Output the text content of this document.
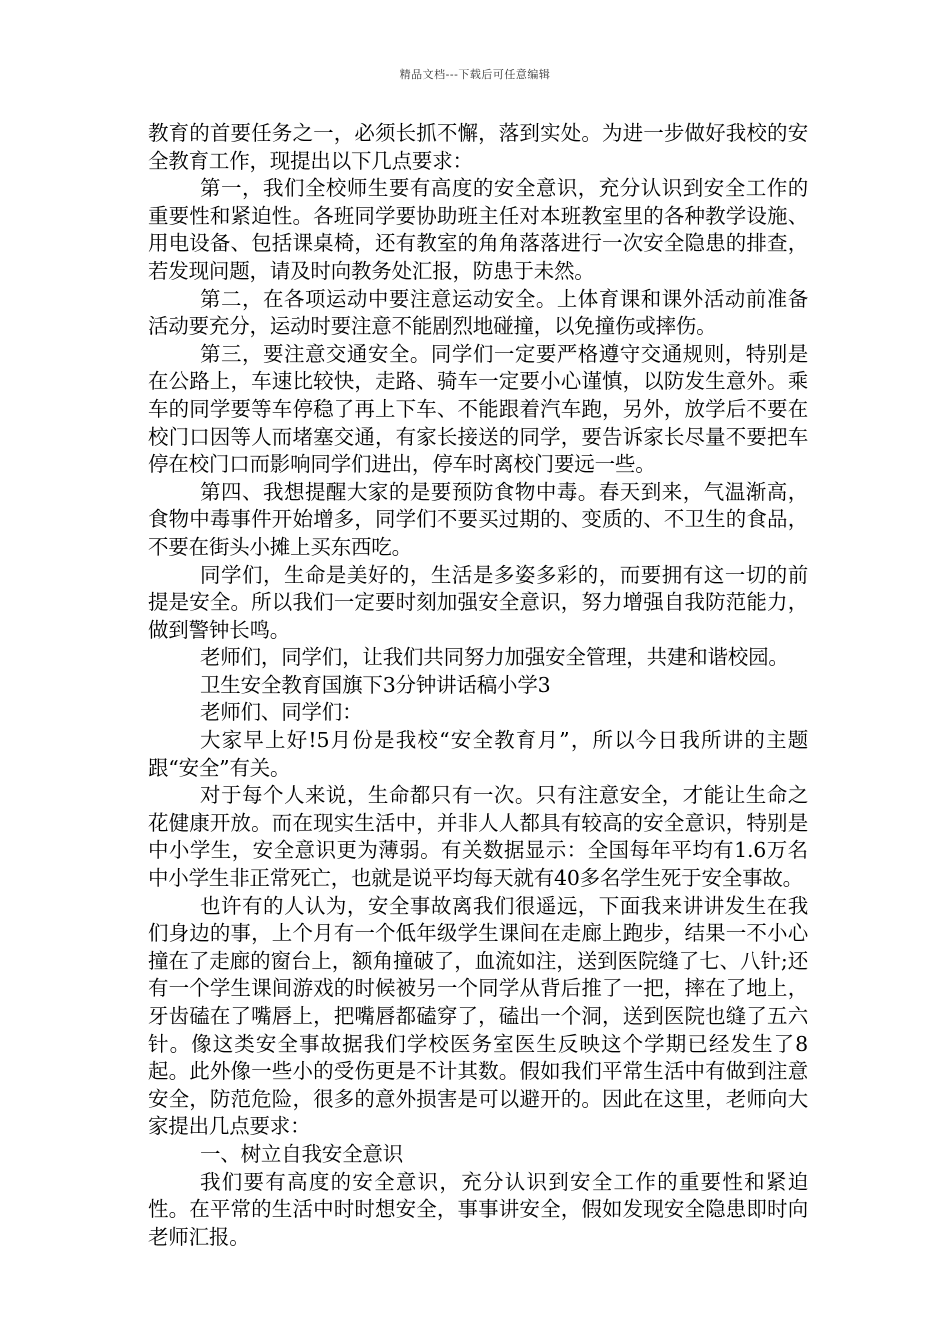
精品文档---下载后可任意编辑

教育的首要任务之一，必须长抓不懈，落到实处。为进一步做好我校的安全教育工作，现提出以下几点要求：

第一，我们全校师生要有高度的安全意识，充分认识到安全工作的重要性和紧迫性。各班同学要协助班主任对本班教室里的各种教学设施、用电设备、包括课桌椅，还有教室的角角落落进行一次安全隐患的排查，若发现问题，请及时向教务处汇报，防患于未然。

第二，在各项运动中要注意运动安全。上体育课和课外活动前准备活动要充分，运动时要注意不能剧烈地碰撞，以免撞伤或摔伤。

第三，要注意交通安全。同学们一定要严格遵守交通规则，特别是在公路上，车速比较快，走路、骑车一定要小心谨慎，以防发生意外。乘车的同学要等车停稳了再上下车、不能跟着汽车跑，另外，放学后不要在校门口因等人而堵塞交通，有家长接送的同学，要告诉家长尽量不要把车停在校门口而影响同学们进出，停车时离校门要远一些。

第四、我想提醒大家的是要预防食物中毒。春天到来，气温渐高，食物中毒事件开始增多，同学们不要买过期的、变质的、不卫生的食品，不要在街头小摊上买东西吃。

同学们，生命是美好的，生活是多姿多彩的，而要拥有这一切的前提是安全。所以我们一定要时刻加强安全意识，努力增强自我防范能力，做到警钟长鸣。

老师们，同学们，让我们共同努力加强安全管理，共建和谐校园。

卫生安全教育国旗下3分钟讲话稿小学3

老师们、同学们：

大家早上好!5月份是我校“安全教育月”，所以今日我所讲的主题跟“安全”有关。

对于每个人来说，生命都只有一次。只有注意安全，才能让生命之花健康开放。而在现实生活中，并非人人都具有较高的安全意识，特别是中小学生，安全意识更为薄弱。有关数据显示：全国每年平均有1.6万名中小学生非正常死亡，也就是说平均每天就有40多名学生死于安全事故。

也许有的人认为，安全事故离我们很遥远，下面我来讲讲发生在我们身边的事，上个月有一个低年级学生课间在走廊上跑步，结果一不小心撞在了走廊的窗台上，额角撞破了，血流如注，送到医院缝了七、八针;还有一个学生课间游戏的时候被另一个同学从背后推了一把，摔在了地上，牙齿磕在了嘴唇上，把嘴唇都磕穿了，磕出一个洞，送到医院也缝了五六针。像这类安全事故据我们学校医务室医生反映这个学期已经发生了8起。此外像一些小的受伤更是不计其数。假如我们平常生活中有做到注意安全，防范危险，很多的意外损害是可以避开的。因此在这里，老师向大家提出几点要求：

一、树立自我安全意识

我们要有高度的安全意识，充分认识到安全工作的重要性和紧迫性。在平常的生活中时时想安全，事事讲安全，假如发现安全隐患即时向老师汇报。
